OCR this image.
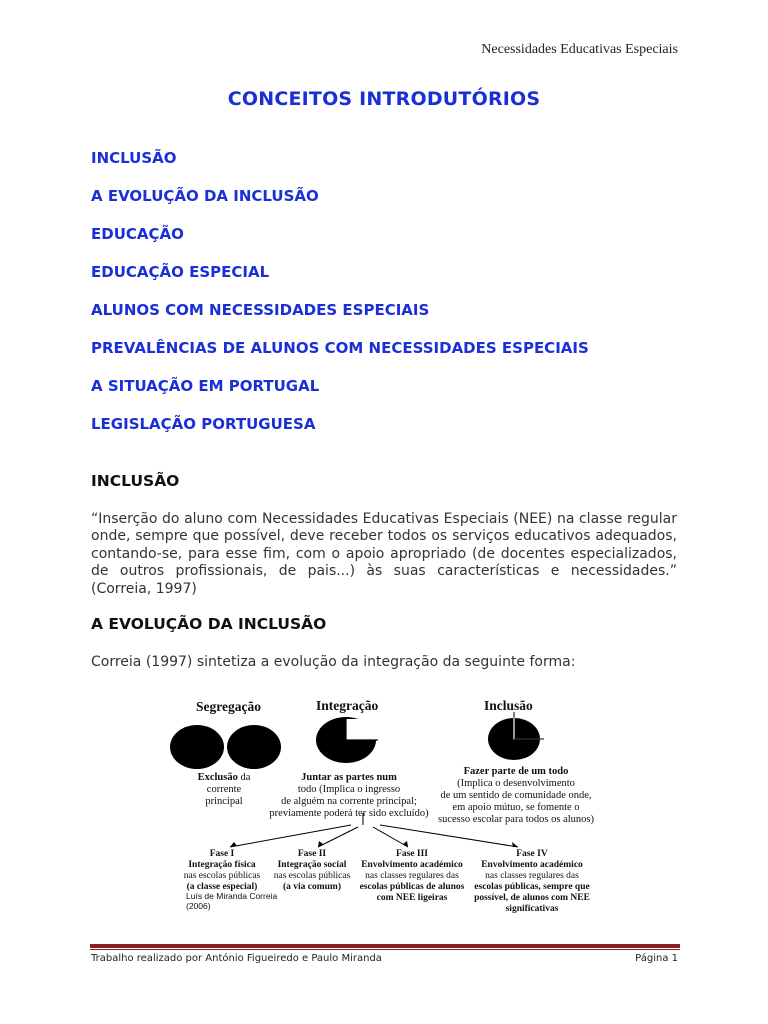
Necessidades Educativas Especiais
CONCEITOS INTRODUTÓRIOS
INCLUSÃO
A EVOLUÇÃO DA INCLUSÃO
EDUCAÇÃO
EDUCAÇÃO ESPECIAL
ALUNOS COM NECESSIDADES ESPECIAIS
PREVALÊNCIAS DE ALUNOS COM NECESSIDADES ESPECIAIS
A SITUAÇÃO EM PORTUGAL
LEGISLAÇÃO PORTUGUESA
INCLUSÃO
“Inserção do aluno com Necessidades Educativas Especiais (NEE) na classe regular onde, sempre que possível, deve receber todos os serviços educativos adequados, contando-se, para esse fim, com o apoio apropriado (de docentes especializados, de outros profissionais, de pais...) às suas características e necessidades.” (Correia, 1997)
A EVOLUÇÃO DA INCLUSÃO
Correia (1997) sintetiza a evolução da integração da seguinte forma:
Segregação	Integração	Inclusão
Exclusão da
corrente
principal
Juntar as partes num
todo (Implica o ingresso
de alguém na corrente principal;
previamente poderá ter sido excluído)
Fazer parte de um todo
(Implica o desenvolvimento
de um sentido de comunidade onde,
em apoio mútuo, se fomente o
sucesso escolar para todos os alunos)
Fase I
Integração física
nas escolas públicas
(a classe especial)
Fase II
Integração social
nas escolas públicas
(a via comum)
Fase III
Envolvimento académico
nas classes regulares das
escolas públicas de alunos
com NEE ligeiras
Fase IV
Envolvimento académico
nas classes regulares das
escolas públicas, sempre que
possível, de alunos com NEE
significativas
Luís de Miranda Correia
(2006)
Trabalho realizado por António Figueiredo e Paulo Miranda	Página 1
